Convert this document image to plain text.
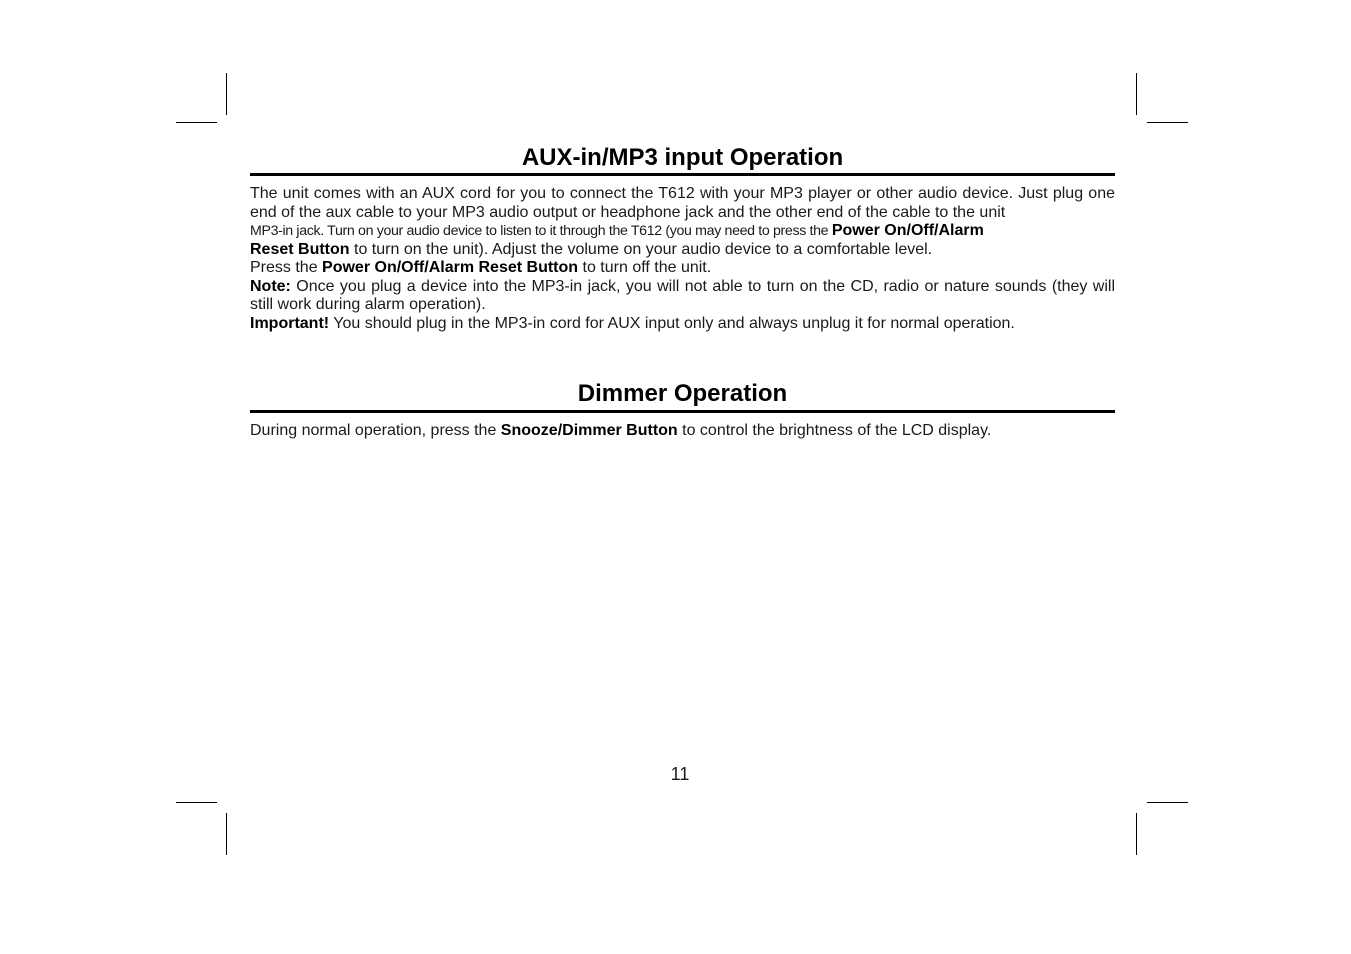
AUX-in/MP3 input Operation

The unit comes with an AUX cord for you to connect the T612 with your MP3 player or other audio device. Just plug one end of the aux cable to your MP3 audio output or headphone jack and the other end of the cable to the unit

MP3-in jack. Turn on your audio device to listen to it through the T612 (you may need to press the Power On/Off/Alarm
Reset Button to turn on the unit). Adjust the volume on your audio device to a comfortable level.

Press the Power On/Off/Alarm Reset Button to turn off the unit.

Note: Once you plug a device into the MP3-in jack, you will not able to turn on the CD, radio or nature sounds (they will still work during alarm operation).

Important! You should plug in the MP3-in cord for AUX input only and always unplug it for normal operation.

Dimmer Operation

During normal operation, press the Snooze/Dimmer Button to control the brightness of the LCD display.

11
